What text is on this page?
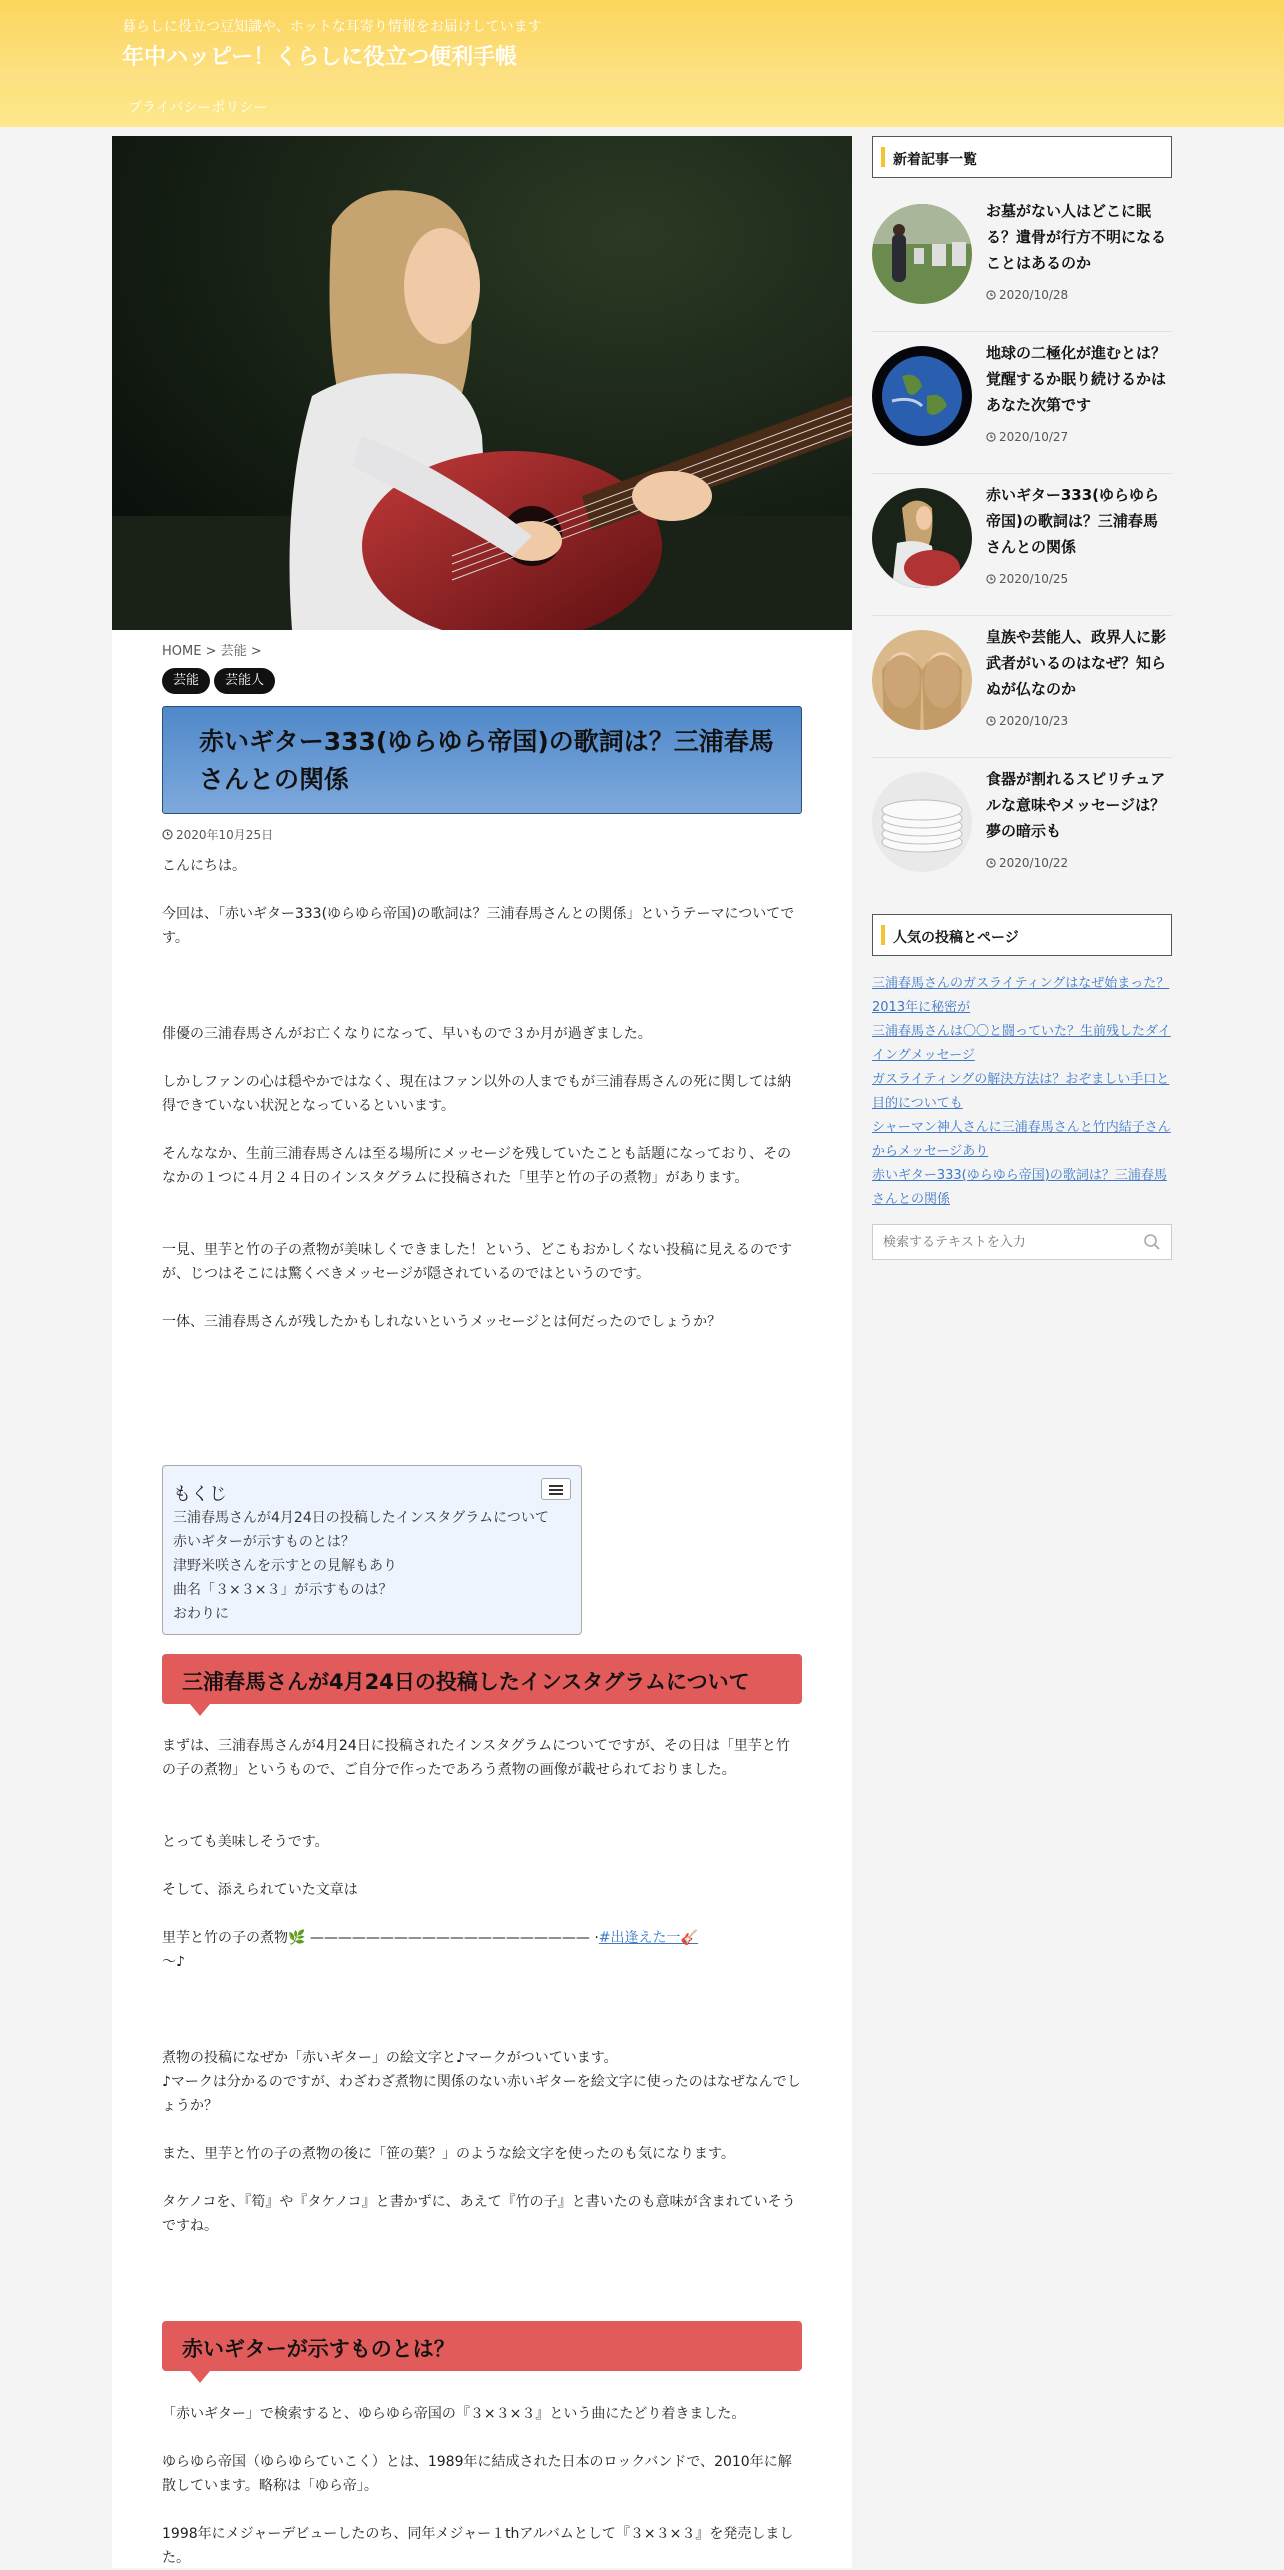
暮らしに役立つ豆知識や、ホットな耳寄り情報をお届けしています
年中ハッピー！くらしに役立つ便利手帳
プライバシーポリシー
HOME > 芸能 >
芸能	芸能人
赤いギター333(ゆらゆら帝国)の歌詞は？三浦春馬さんとの関係
2020年10月25日

こんにちは。

今回は、「赤いギター333(ゆらゆら帝国)の歌詞は？三浦春馬さんとの関係」というテーマについてです。

俳優の三浦春馬さんがお亡くなりになって、早いもので３か月が過ぎました。

しかしファンの心は穏やかではなく、現在はファン以外の人までもが三浦春馬さんの死に関しては納得できていない状況となっているといいます。

そんななか、生前三浦春馬さんは至る場所にメッセージを残していたことも話題になっており、そのなかの１つに４月２４日のインスタグラムに投稿された「里芋と竹の子の煮物」があります。

一見、里芋と竹の子の煮物が美味しくできました！という、どこもおかしくない投稿に見えるのですが、じつはそこには驚くべきメッセージが隠されているのではというのです。

一体、三浦春馬さんが残したかもしれないというメッセージとは何だったのでしょうか？

もくじ
三浦春馬さんが4月24日の投稿したインスタグラムについて
赤いギターが示すものとは？
津野米咲さんを示すとの見解もあり
曲名「３×３×３」が示すものは？
おわりに
三浦春馬さんが4月24日の投稿したインスタグラムについて

まずは、三浦春馬さんが4月24日に投稿されたインスタグラムについてですが、その日は「里芋と竹の子の煮物」というもので、ご自分で作ったであろう煮物の画像が載せられておりました。

とっても美味しそうです。

そして、添えられていた文章は

里芋と竹の子の煮物🌿 ———————————————————— ·#出逢えた一🎸
〜♪

煮物の投稿になぜか「赤いギター」の絵文字と♪マークがついています。
♪マークは分かるのですが、わざわざ煮物に関係のない赤いギターを絵文字に使ったのはなぜなんでしょうか？

また、里芋と竹の子の煮物の後に「笹の葉？」のような絵文字を使ったのも気になります。

タケノコを、『筍』や『タケノコ』と書かずに、あえて『竹の子』と書いたのも意味が含まれていそうですね。

赤いギターが示すものとは？

「赤いギター」で検索すると、ゆらゆら帝国の『３×３×３』という曲にたどり着きました。

ゆらゆら帝国（ゆらゆらていこく）とは、1989年に結成された日本のロックバンドで、2010年に解散しています。略称は「ゆら帝」。

1998年にメジャーデビューしたのち、同年メジャー１thアルバムとして『３×３×３』を発売しました。

新着記事一覧
お墓がない人はどこに眠る？遺骨が行方不明になることはあるのか
2020/10/28
地球の二極化が進むとは？覚醒するか眠り続けるかはあなた次第です
2020/10/27
赤いギター333(ゆらゆら帝国)の歌詞は？三浦春馬さんとの関係
2020/10/25
皇族や芸能人、政界人に影武者がいるのはなぜ？知らぬが仏なのか
2020/10/23
食器が割れるスピリチュアルな意味やメッセージは？夢の暗示も
2020/10/22
人気の投稿とページ
三浦春馬さんのガスライティングはなぜ始まった？2013年に秘密が
三浦春馬さんは〇〇と闘っていた？生前残したダイイングメッセージ
ガスライティングの解決方法は？おぞましい手口と目的についても
シャーマン神人さんに三浦春馬さんと竹内結子さんからメッセージあり
赤いギター333(ゆらゆら帝国)の歌詞は？三浦春馬さんとの関係
検索するテキストを入力
